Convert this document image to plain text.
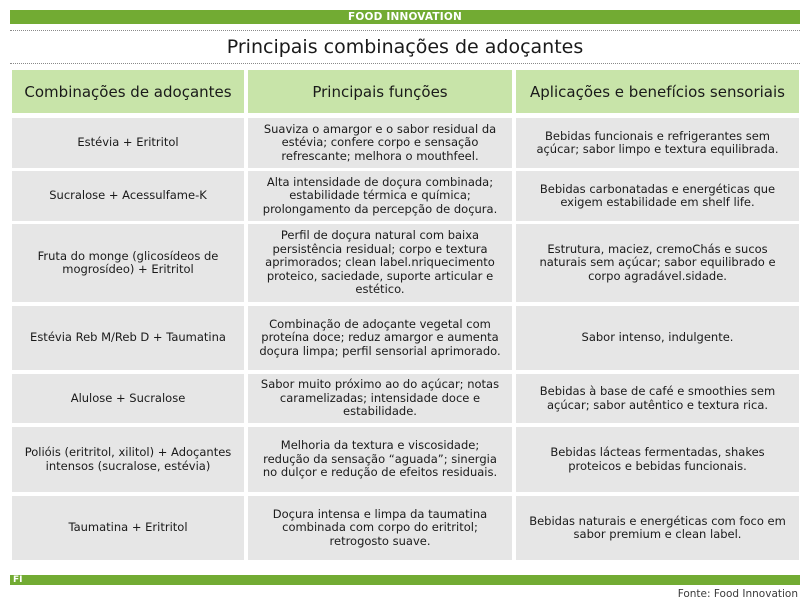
FOOD INNOVATION
Principais combinações de adoçantes
Combinações de adoçantes	Principais funções	Aplicações e benefícios sensoriais
Estévia + Eritritol
Suaviza o amargor e o sabor residual da estévia; confere corpo e sensação refrescante; melhora o mouthfeel.
Bebidas funcionais e refrigerantes sem açúcar; sabor limpo e textura equilibrada.
Sucralose + Acessulfame-K
Alta intensidade de doçura combinada; estabilidade térmica e química; prolongamento da percepção de doçura.
Bebidas carbonatadas e energéticas que exigem estabilidade em shelf life.
Fruta do monge (glicosídeos de mogrosídeo) + Eritritol
Perfil de doçura natural com baixa persistência residual; corpo e textura aprimorados; clean label.nriquecimento proteico, saciedade, suporte articular e estético.
Estrutura, maciez, cremoChás e sucos naturais sem açúcar; sabor equilibrado e corpo agradável.sidade.
Estévia Reb M/Reb D + Taumatina
Combinação de adoçante vegetal com proteína doce; reduz amargor e aumenta doçura limpa; perfil sensorial aprimorado.
Sabor intenso, indulgente.
Alulose + Sucralose
Sabor muito próximo ao do açúcar; notas caramelizadas; intensidade doce e estabilidade.
Bebidas à base de café e smoothies sem açúcar; sabor autêntico e textura rica.
Polióis (eritritol, xilitol) + Adoçantes intensos (sucralose, estévia)
Melhoria da textura e viscosidade; redução da sensação “aguada”; sinergia no dulçor e redução de efeitos residuais.
Bebidas lácteas fermentadas, shakes proteicos e bebidas funcionais.
Taumatina + Eritritol
Doçura intensa e limpa da taumatina combinada com corpo do eritritol; retrogosto suave.
Bebidas naturais e energéticas com foco em sabor premium e clean label.
FI
Fonte: Food Innovation
